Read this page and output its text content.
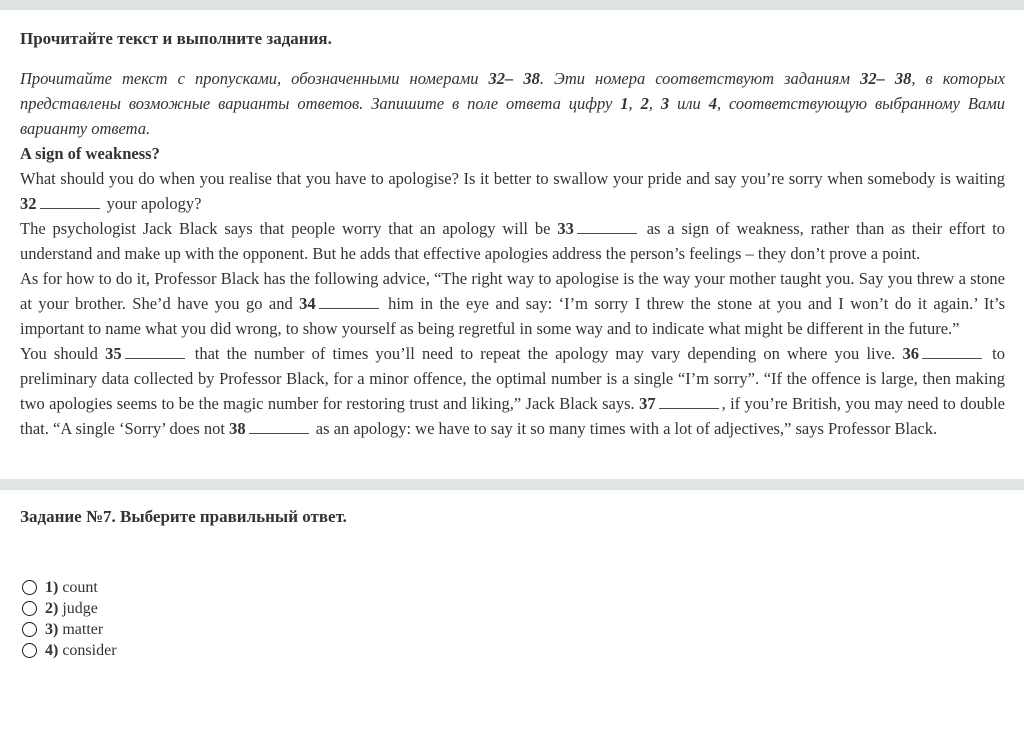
Прочитайте текст и выполните задания.

Прочитайте текст с пропусками, обозначенными номерами 32– 38. Эти номера соответствуют заданиям 32– 38, в которых представлены возможные варианты ответов. Запишите в поле ответа цифру 1, 2, 3 или 4, соответствующую выбранному Вами варианту ответа.

A sign of weakness?

What should you do when you realise that you have to apologise? Is it better to swallow your pride and say you’re sorry when somebody is waiting 32	your apology?

The psychologist Jack Black says that people worry that an apology will be 33	as a sign of weakness, rather than as their effort to understand and make up with the opponent. But he adds that effective apologies address the person’s feelings – they don’t prove a point.

As for how to do it, Professor Black has the following advice, “The right way to apologise is the way your mother taught you. Say you threw a stone at your brother. She’d have you go and 34	him in the eye and say: ‘I’m sorry I threw the stone at you and I won’t do it again.’ It’s important to name what you did wrong, to show yourself as being regretful in some way and to indicate what might be different in the future.”

You should 35	that the number of times you’ll need to repeat the apology may vary depending on where you live. 36	to preliminary data collected by Professor Black, for a minor offence, the optimal number is a single “I’m sorry”. “If the offence is large, then making two apologies seems to be the magic number for restoring trust and liking,” Jack Black says. 37	, if you’re British, you may need to double that. “A single ‘Sorry’ does not 38	as an apology: we have to say it so many times with a lot of adjectives,” says Professor Black.

Задание №7. Выберите правильный ответ.
1) count
2) judge
3) matter
4) consider
